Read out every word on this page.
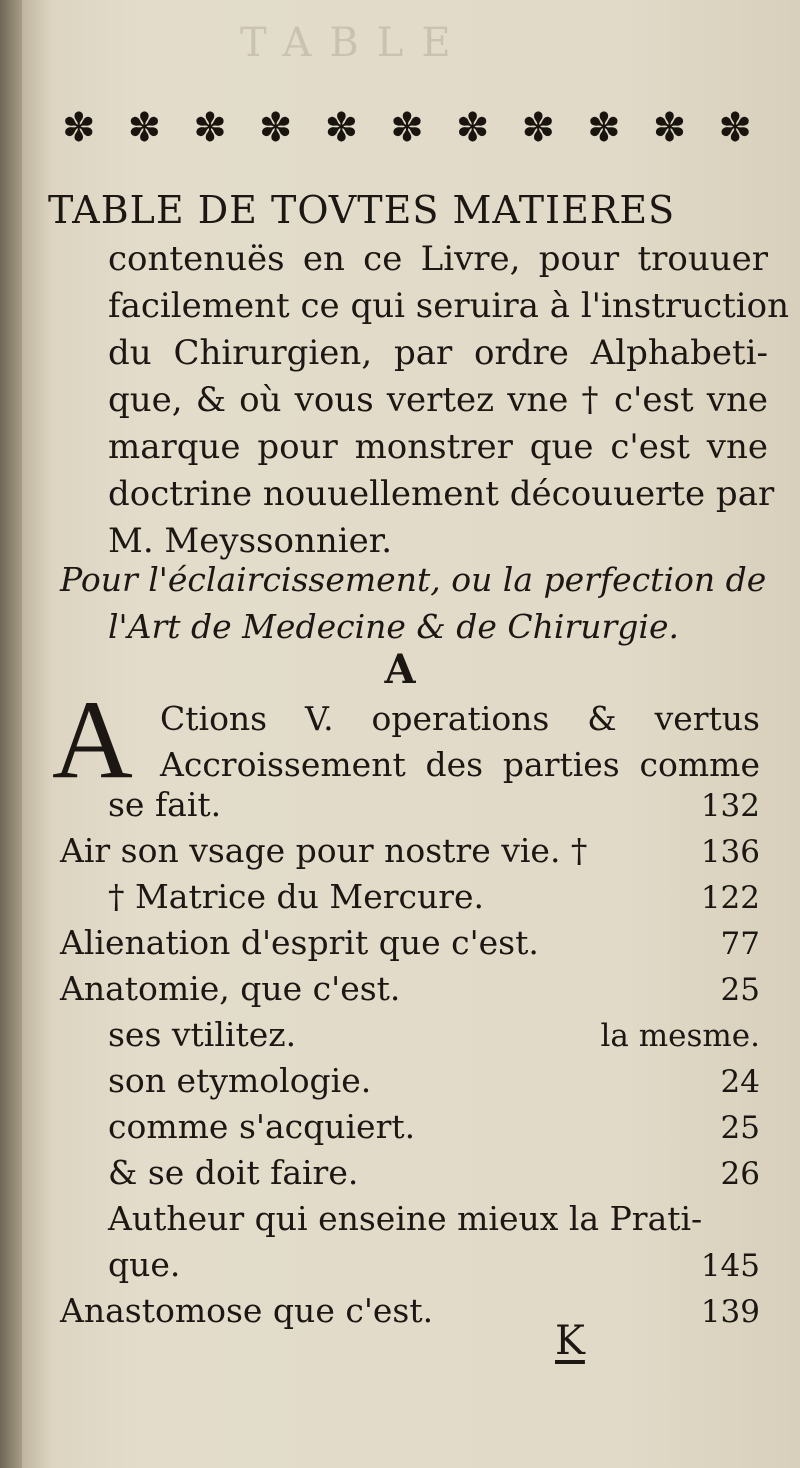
TABLE
✽ ✽ ✽ ✽ ✽ ✽ ✽ ✽ ✽ ✽ ✽
TABLE DE TOVTES MATIERES
contenuës en ce Livre, pour trouuer
facilement ce qui seruira à l'instruction
du Chirurgien, par ordre Alphabeti-
que, & où vous vertez vne † c'est vne
marque pour monstrer que c'est vne
doctrine nouuellement découuerte par
M. Meyssonnier.
Pour l'éclaircissement, ou la perfection de
l'Art de Medecine & de Chirurgie.
A
A Ctions V. operations & vertus
Accroissement des parties comme
se fait.	132
Air son vsage pour nostre vie. †	136
† Matrice du Mercure.	122
Alienation d'esprit que c'est.	77
Anatomie, que c'est.	25
ses vtilitez.	la mesme.
son etymologie.	24
comme s'acquiert.	25
& se doit faire.	26
Autheur qui enseine mieux la Prati-
que.	145
Anastomose que c'est.	139
K
